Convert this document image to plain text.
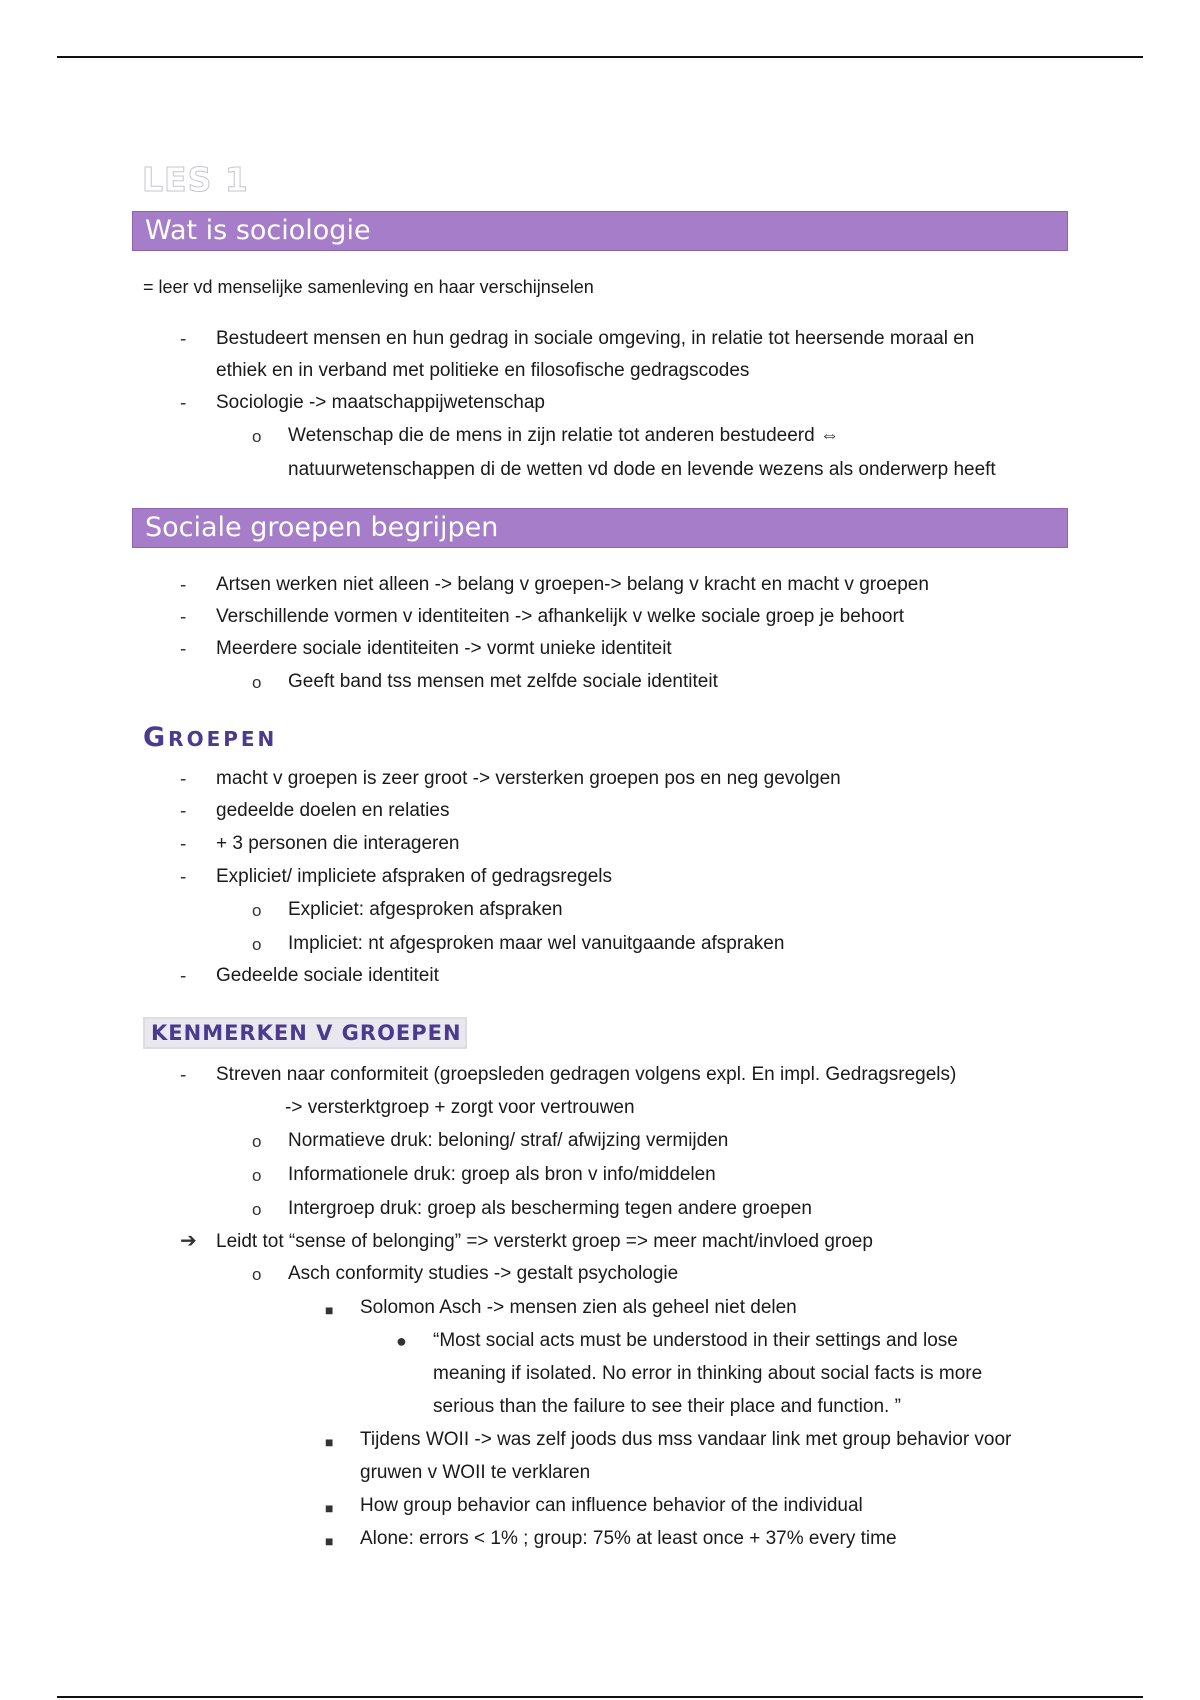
LES 1
Wat is sociologie
= leer vd menselijke samenleving en haar verschijnselen
- Bestudeert mensen en hun gedrag in sociale omgeving, in relatie tot heersende moraal en
ethiek en in verband met politieke en filosofische gedragscodes
- Sociologie -> maatschappijwetenschap
o Wetenschap die de mens in zijn relatie tot anderen bestudeerd ⇔
natuurwetenschappen di de wetten vd dode en levende wezens als onderwerp heeft
Sociale groepen begrijpen
- Artsen werken niet alleen -> belang v groepen-> belang v kracht en macht v groepen
- Verschillende vormen v identiteiten -> afhankelijk v welke sociale groep je behoort
- Meerdere sociale identiteiten -> vormt unieke identiteit
o Geeft band tss mensen met zelfde sociale identiteit
GROEPEN
- macht v groepen is zeer groot -> versterken groepen pos en neg gevolgen
- gedeelde doelen en relaties
- + 3 personen die interageren
- Expliciet/ impliciete afspraken of gedragsregels
o Expliciet: afgesproken afspraken
o Impliciet: nt afgesproken maar wel vanuitgaande afspraken
- Gedeelde sociale identiteit
KENMERKEN V GROEPEN
- Streven naar conformiteit (groepsleden gedragen volgens expl. En impl. Gedragsregels)
-> versterktgroep + zorgt voor vertrouwen
o Normatieve druk: beloning/ straf/ afwijzing vermijden
o Informationele druk: groep als bron v info/middelen
o Intergroep druk: groep als bescherming tegen andere groepen
➔ Leidt tot “sense of belonging” => versterkt groep => meer macht/invloed groep
o Asch conformity studies -> gestalt psychologie
■ Solomon Asch -> mensen zien als geheel niet delen
● “Most social acts must be understood in their settings and lose
meaning if isolated. No error in thinking about social facts is more
serious than the failure to see their place and function. ”
■ Tijdens WOII -> was zelf joods dus mss vandaar link met group behavior voor
gruwen v WOII te verklaren
■ How group behavior can influence behavior of the individual
■ Alone: errors < 1% ; group: 75% at least once + 37% every time
